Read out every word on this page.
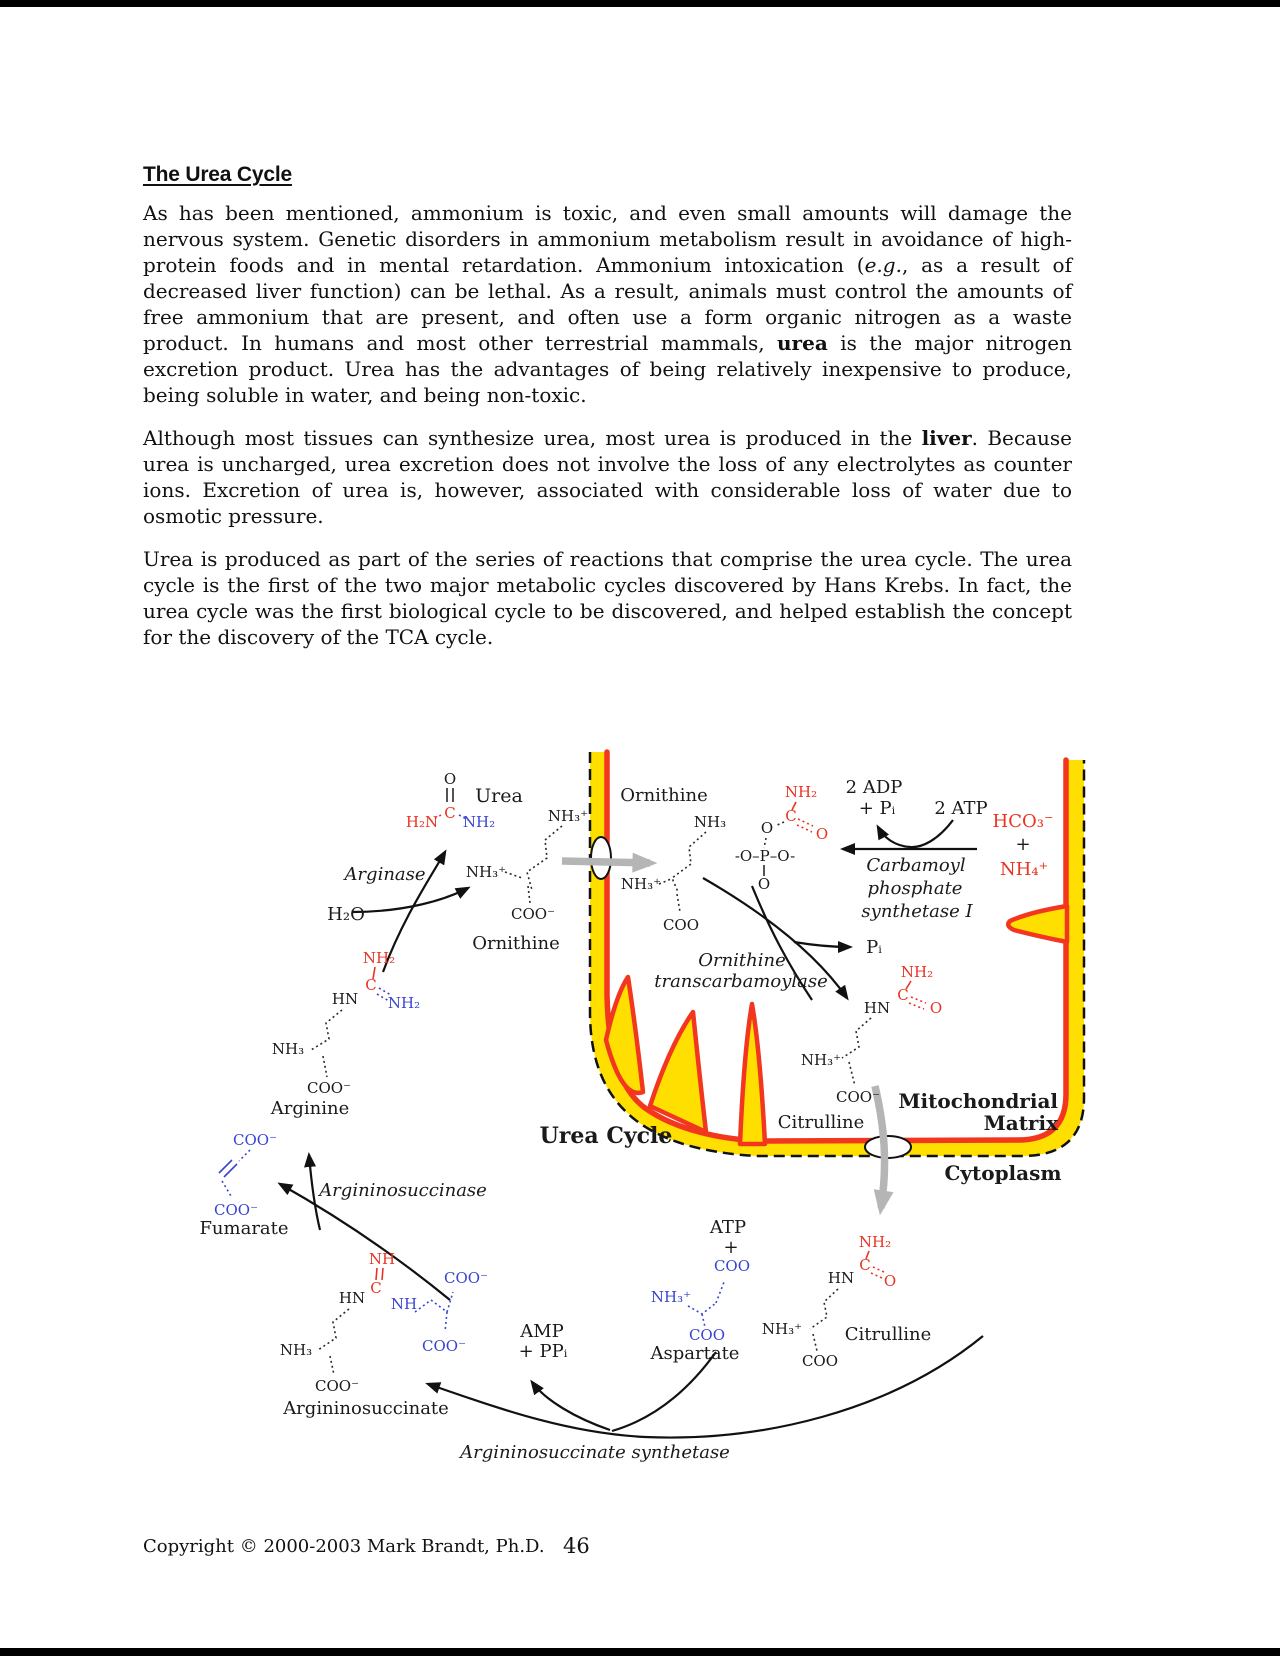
The Urea Cycle

As has been mentioned, ammonium is toxic, and even small amounts will damage the nervous system. Genetic disorders in ammonium metabolism result in avoidance of high-protein foods and in mental retardation. Ammonium intoxication (e.g., as a result of decreased liver function) can be lethal. As a result, animals must control the amounts of free ammonium that are present, and often use a form organic nitrogen as a waste product. In humans and most other terrestrial mammals, urea is the major nitrogen excretion product. Urea has the advantages of being relatively inexpensive to produce, being soluble in water, and being non-toxic.

Although most tissues can synthesize urea, most urea is produced in the liver. Because urea is uncharged, urea excretion does not involve the loss of any electrolytes as counter ions. Excretion of urea is, however, associated with considerable loss of water due to osmotic pressure.

Urea is produced as part of the series of reactions that comprise the urea cycle. The urea cycle is the first of the two major metabolic cycles discovered by Hans Krebs. In fact, the urea cycle was the first biological cycle to be discovered, and helped establish the concept for the discovery of the TCA cycle.

O
C
H₂N NH₂
Urea
Arginase
H₂O
NH₃⁺
NH₃⁺
COO⁻
Ornithine
Ornithine
NH₃
NH₃⁺
COO
NH₂
C
O
O
-O–P–O-
O
2 ADP
+ Pᵢ 2 ATP
HCO₃⁻
+
NH₄⁺
Carbamoyl
phosphate
synthetase I
Ornithine
transcarbamoylase
Pᵢ
NH₂
C
O
HN
NH₃⁺
COO⁻
Citrulline
Mitochondrial
Matrix
Urea Cycle
Cytoplasm
NH₂
C
O
HN
NH₃⁺
COO
Citrulline
ATP
+
COO
NH₃⁺
COO
Aspartate
AMP
+ PPᵢ
Argininosuccinate synthetase
NH
C
HN NH
COO⁻
COO⁻
NH₃
COO⁻
Argininosuccinate
Argininosuccinase
COO⁻
COO⁻
Fumarate
NH₂
C
HN NH₂
NH₃
COO⁻
Arginine
Copyright © 2000-2003 Mark Brandt, Ph.D. 46
